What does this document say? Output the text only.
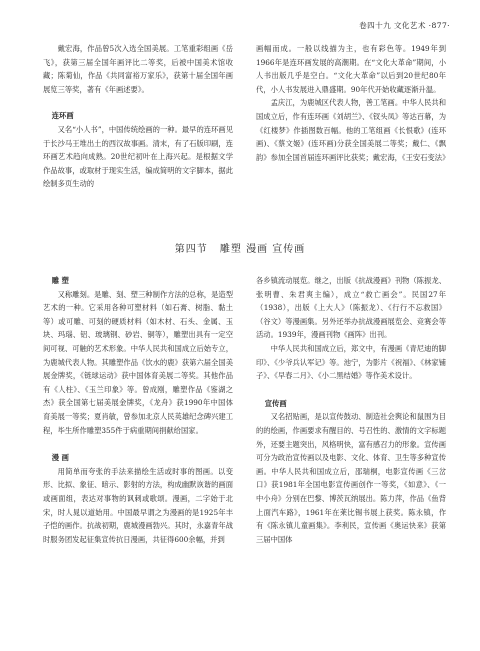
卷四十九 文化艺术 ·877·

戴宏海，作品曾5次入选全国美展。工笔重彩组画《岳飞》，获第三届全国年画评比二等奖，后被中国美术馆收藏；陈菊仙，作品《共同富裕万家乐》，获第十届全国年画展览三等奖，著有《年画述要》。

连环画

又名“小人书”，中国传统绘画的一种。最早的连环画见于长沙马王堆出土的西汉故事画。清末，有了石版印刷，连环画艺术趋向成熟。20世纪初叶在上海兴起。是根据文学作品故事，或取材于现实生活，编成简明的文字脚本，据此绘制多页生动的

画幅而成。一般以线描为主，也有彩色等。1949年到1966年是连环画发展的高潮期。在“文化大革命”期间，小人书出版几乎是空白。“文化大革命”以后到20世纪80年代，小人书发展进入鼎盛期。90年代开始收藏逐渐升温。

孟庆江，为鹿城区代表人物，善工笔画。中华人民共和国成立后，作有连环画《刘胡兰》、《钗头凤》等达百幕，为《红楼梦》作插图数百幅。他的工笔组画《长恨歌》(连环画)、《蔡文姬》(连环画)分获全国美展二等奖；戴仁、《飘韵》参加全国首届连环画评比获奖；戴宏海，《王安石变法》

第四节 雕塑 漫画 宣传画

雕 塑

又称雕刻。是雕、刻、塑三种制作方法的总称，是造型艺术的一种。它采用各种可塑材料（如石膏、树脂、黏土等）或可雕、可刻的硬质材料（如木材、石头、金属、玉块、玛瑙、铝、玻璃钢、砂岩、铜等），雕塑出具有一定空间可视、可触的艺术形象。中华人民共和国成立后始专立，为鹿城代表人物。其雕塑作品《饮水的鹿》获第六届全国美展金牌奖，《链球运动》获中国体育美展二等奖。其他作品有《人柱》、《玉兰印象》等。曾成刚，雕塑作品《鉴湖之杰》获全国第七届美展金牌奖，《龙舟》获1990年中国体育美展一等奖；夏肖敏，曾参加北京人民英雄纪念碑兴建工程，毕生所作雕塑355件于病重期间捐献给国家。

漫 画

用简单而夸张的手法来描绘生活或时事的图画。以变形、比拟、象征、暗示、影射的方法，构成幽默诙谐的画面或画面组，表达对事物的讽刺或歌颂。漫画，二字始于北宋，时人晁以道始用。中国最早谓之为漫画的是1925年丰子恺的画作。抗战初期，鹿城漫画勃兴。其时，永嘉青年战时服务团发起征集宣传抗日漫画，共征得600余幅，并到

各乡镇流动展览。继之，出版《抗战漫画》刊物（陈振龙、张明曹、朱君爽主编），成立“救亡画会”。民国27年（1938），出版《上大人》（陈振龙）、《行行不忘救国》（谷文）等漫画集。另外还举办抗战漫画展览会、竞赛会等活动。1939年，漫画刊物《画阵》出刊。

中华人民共和国成立后，郑文中，有漫画《青尼迪的脚印》、《少爷兵认军记》等。池宁，为影片《祝福》、《林家铺子》、《早春二月》、《小二黑结婚》等作美术设计。

宣传画

又名招贴画，是以宣传鼓动、制造社会舆论和鼠围为目的的绘画，作画要求有醒目的、号召性的、激情的文字标题外，还要主题突出，风格明快，富有感召力的形象。宣传画可分为政治宣传画以及电影、文化、体育、卫生等多种宣传画。中华人民共和国成立后，邵瑞桐，电影宣传画《三岔口》获1981年全国电影宣传画创作一等奖，《如意》、《一中小舟》分别在巴黎、博茨瓦纳展出。陈力萍，作品《鱼背上面汽车路》，1961年在莱比锡书展上获奖。陈永镇，作有《陈永镇儿童画集》。李利民，宣传画《奥运快来》获第三届中国体
